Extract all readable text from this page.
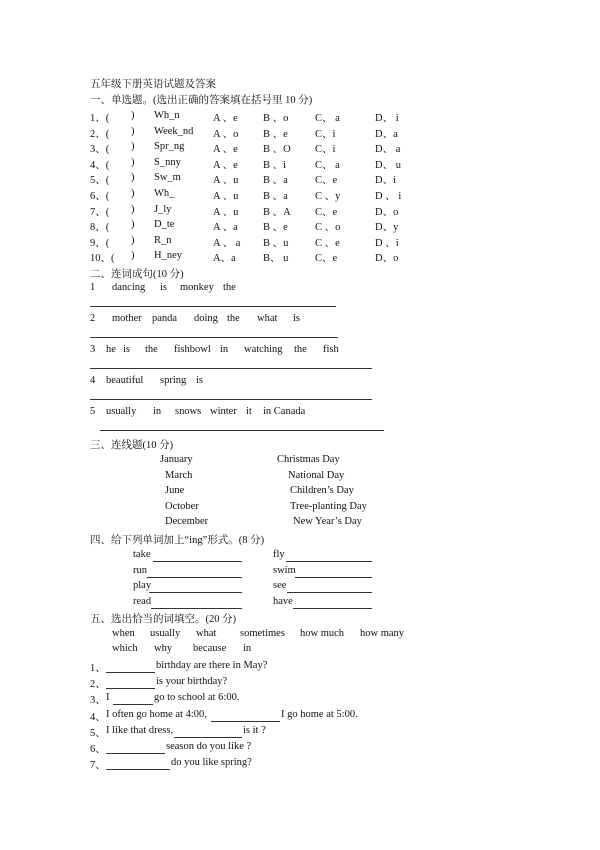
五年级下册英语试题及答案
一、单选题。(选出正确的答案填在括号里 10 分)
1、( ) Wh_n	A 、e B 、o	C、 a	D、 i
2、( ) Week_nd A 、o B 、e	C、i	D、a
3、( ) Spr_ng	A 、e B 、O C、i	D、 a
4、( ) S_nny	A 、e B 、i	C、 a	D、 u
5、( ) Sw_m	A 、u B 、a	C、e	D、i
6、( ) Wh_	A 、u B 、a	C 、y	D 、 i
7、( ) J_ly	A 、u B 、A C、e	D、o
8、( ) D_te	A 、a B 、e	C 、o	D、y
9、( ) R_n	A 、 a B 、u	C 、e	D 、i
10、( ) H_ney	A、a	B、 u	C、e	D、o
二、连词成句(10 分)
1 dancing is monkey the
2 mother panda doing the what is
3 he is the fishbowl in watching the fish
4 beautiful spring is
5 usually in snows winter it in Canada
三、连线题(10 分)
January
March
June
October
December
Christmas Day
National Day
Children’s Day
Tree-planting Day
New Year’s Day
四、给下列单词加上“ing”形式。(8 分)
take
run
play
read
fly
swim
see
have
五、选出恰当的词填空。(20 分)
when usually what sometimes how much how many
which why because in
1、	birthday are there in May?
2、	is your birthday?
3、 I	go to school at 6:00.
4、 I often go home at 4:00,	I go home at 5:00.
5、 I like that dress,	is it ?
6、	season do you like ?
7、	do you like spring?
